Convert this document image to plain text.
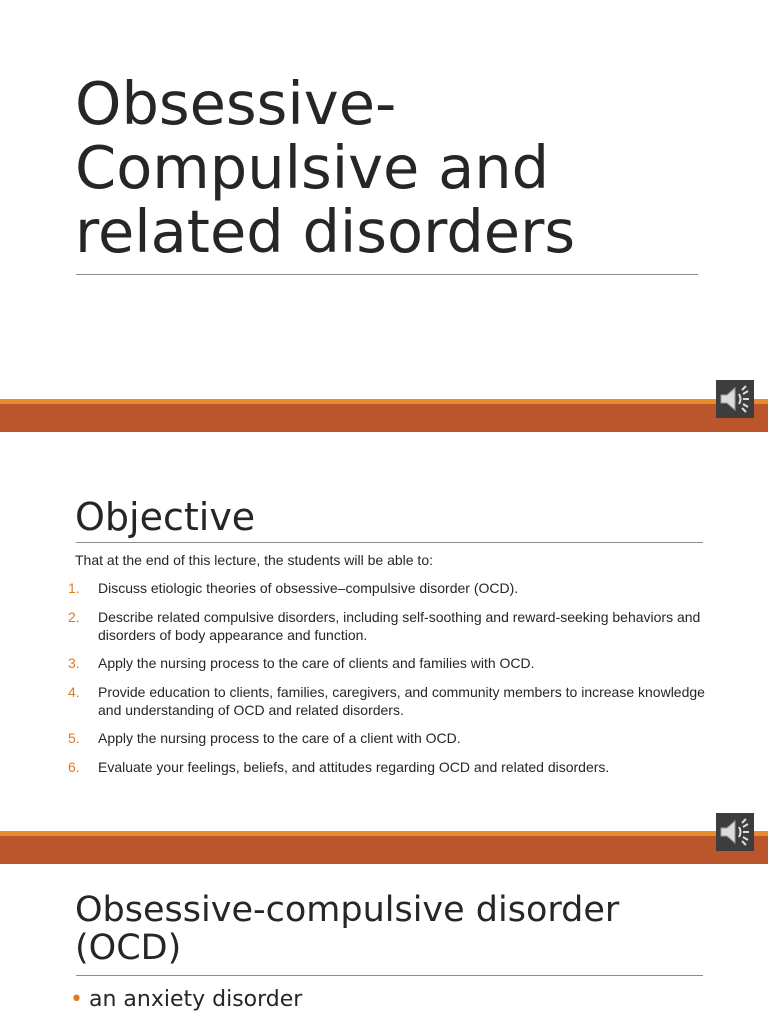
Obsessive-
Compulsive and
related disorders
Objective
That at the end of this lecture, the students will be able to:
1. Discuss etiologic theories of obsessive–compulsive disorder (OCD).
2. Describe related compulsive disorders, including self-soothing and reward-seeking behaviors and disorders of body appearance and function.
3. Apply the nursing process to the care of clients and families with OCD.
4. Provide education to clients, families, caregivers, and community members to increase knowledge and understanding of OCD and related disorders.
5. Apply the nursing process to the care of a client with OCD.
6. Evaluate your feelings, beliefs, and attitudes regarding OCD and related disorders.
Obsessive-compulsive disorder
(OCD)
• an anxiety disorder
